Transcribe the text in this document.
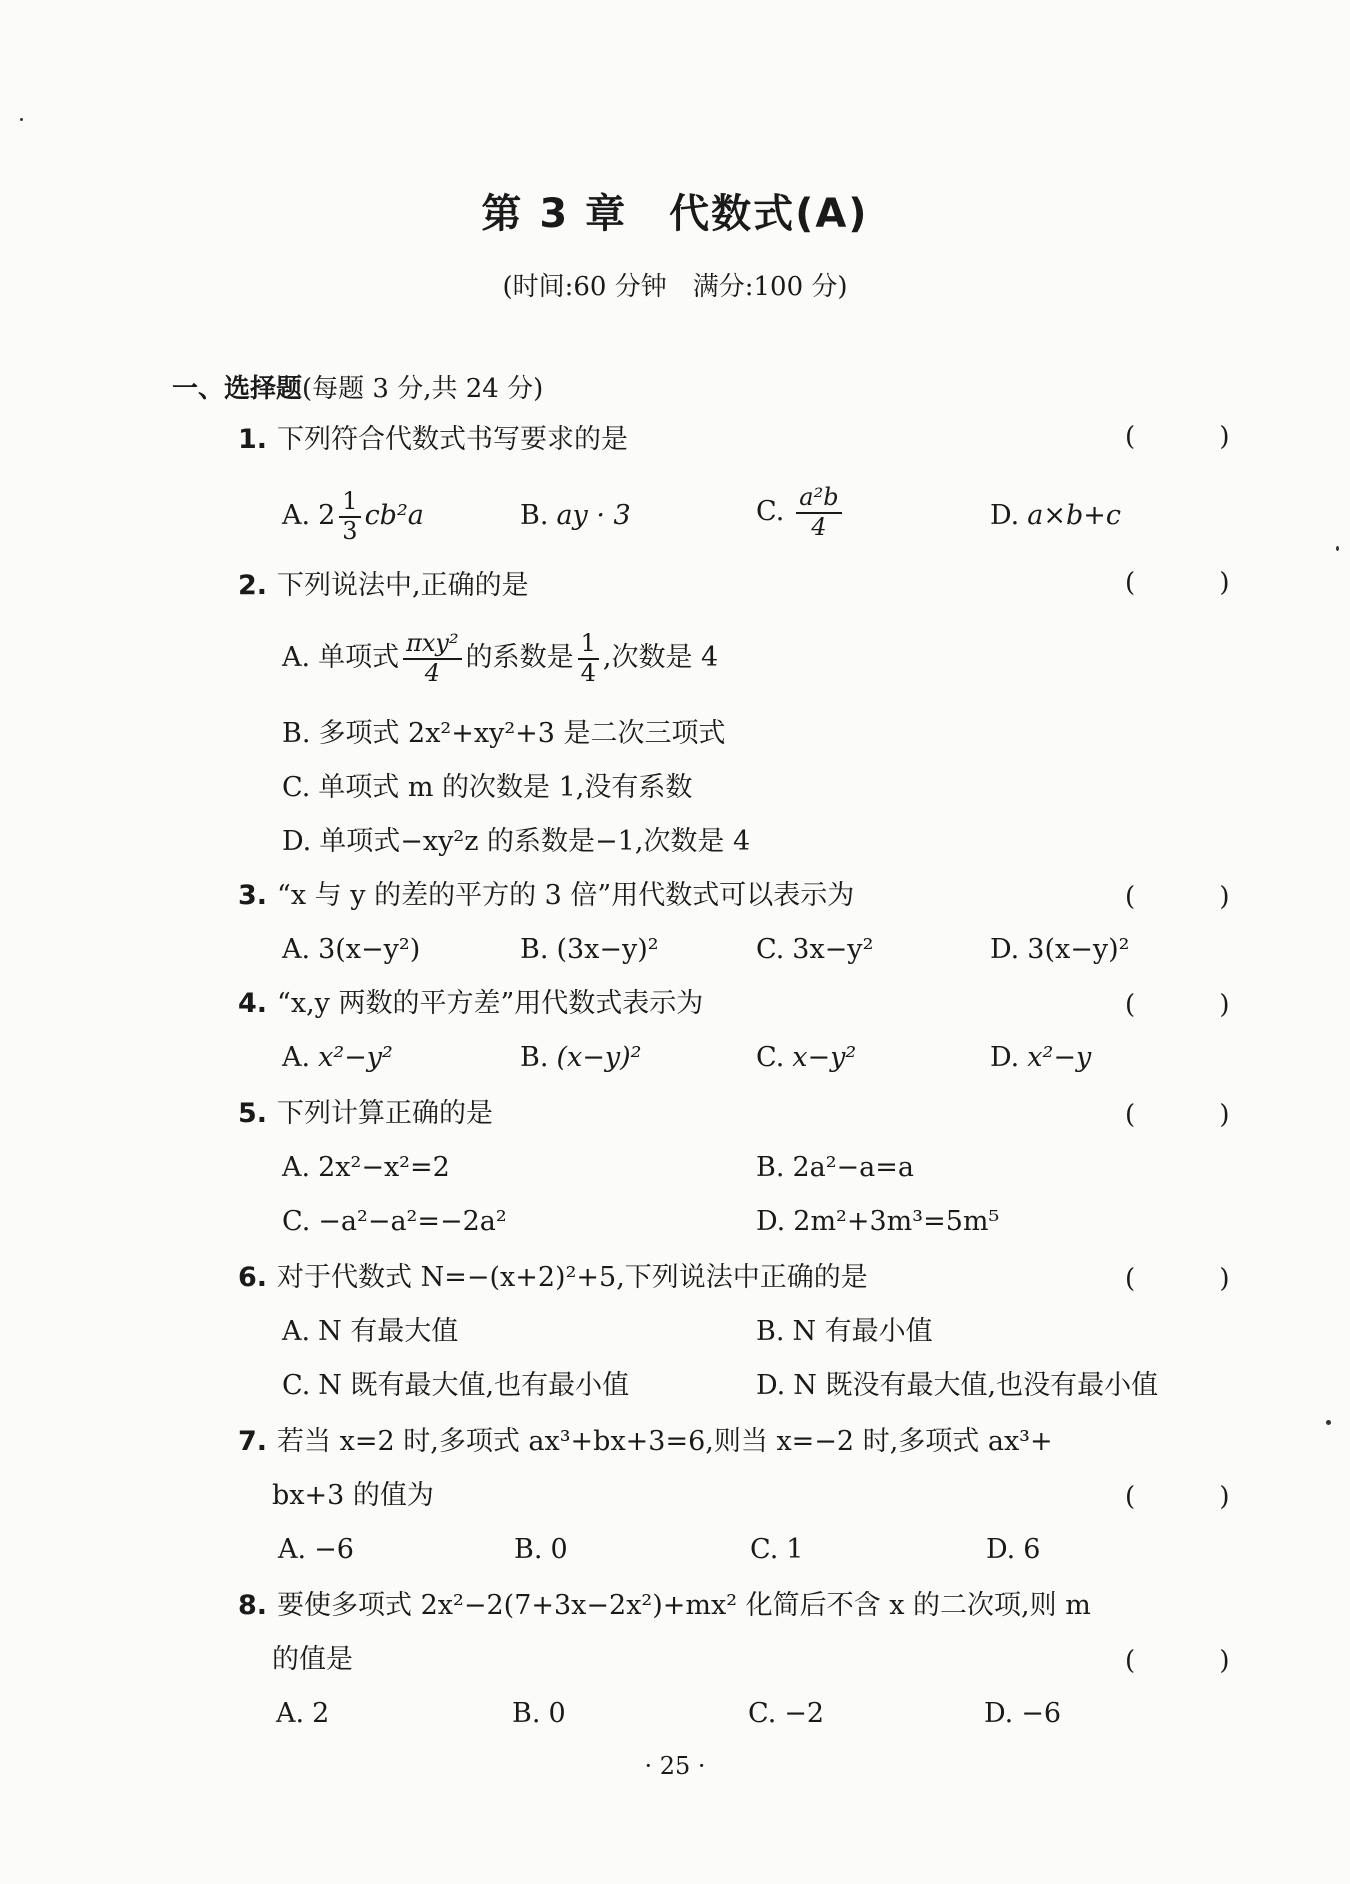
第 3 章　代数式(A)
(时间:60 分钟　满分:100 分)
一、选择题(每题 3 分,共 24 分)
1. 下列符合代数式书写要求的是	( )
A. $2 \frac{1}{3} cb^2a$	B. ay · 3	C. $\frac{\text{a²b}}{4}$	D. a×b+c
2. 下列说法中,正确的是	( )
A. 单项式 $\frac{\text{πxy²}}{4}$ 的系数是 $\frac{1}{4}$ ,次数是 4
B. 多项式 2x²+xy²+3 是二次三项式
C. 单项式 m 的次数是 1,没有系数
D. 单项式−xy²z 的系数是−1,次数是 4
3. “x 与 y 的差的平方的 3 倍”用代数式可以表示为	( )
A. 3(x−y²)	B. (3x−y)²	C. 3x−y²	D. 3(x−y)²
4. “x,y 两数的平方差”用代数式表示为	( )
A. x²−y²	B. (x−y)²	C. x−y²	D. x²−y
5. 下列计算正确的是	( )
A. 2x²−x²=2	B. 2a²−a=a
C. −a²−a²=−2a²	D. 2m²+3m³=5m⁵
6. 对于代数式 N=−(x+2)²+5,下列说法中正确的是	( )
A. N 有最大值	B. N 有最小值
C. N 既有最大值,也有最小值	D. N 既没有最大值,也没有最小值
7. 若当 x=2 时,多项式 ax³+bx+3=6,则当 x=−2 时,多项式 ax³+
bx+3 的值为	( )
A. −6	B. 0	C. 1	D. 6
8. 要使多项式 2x²−2(7+3x−2x²)+mx² 化简后不含 x 的二次项,则 m
的值是	( )
A. 2	B. 0	C. −2	D. −6
· 25 ·
